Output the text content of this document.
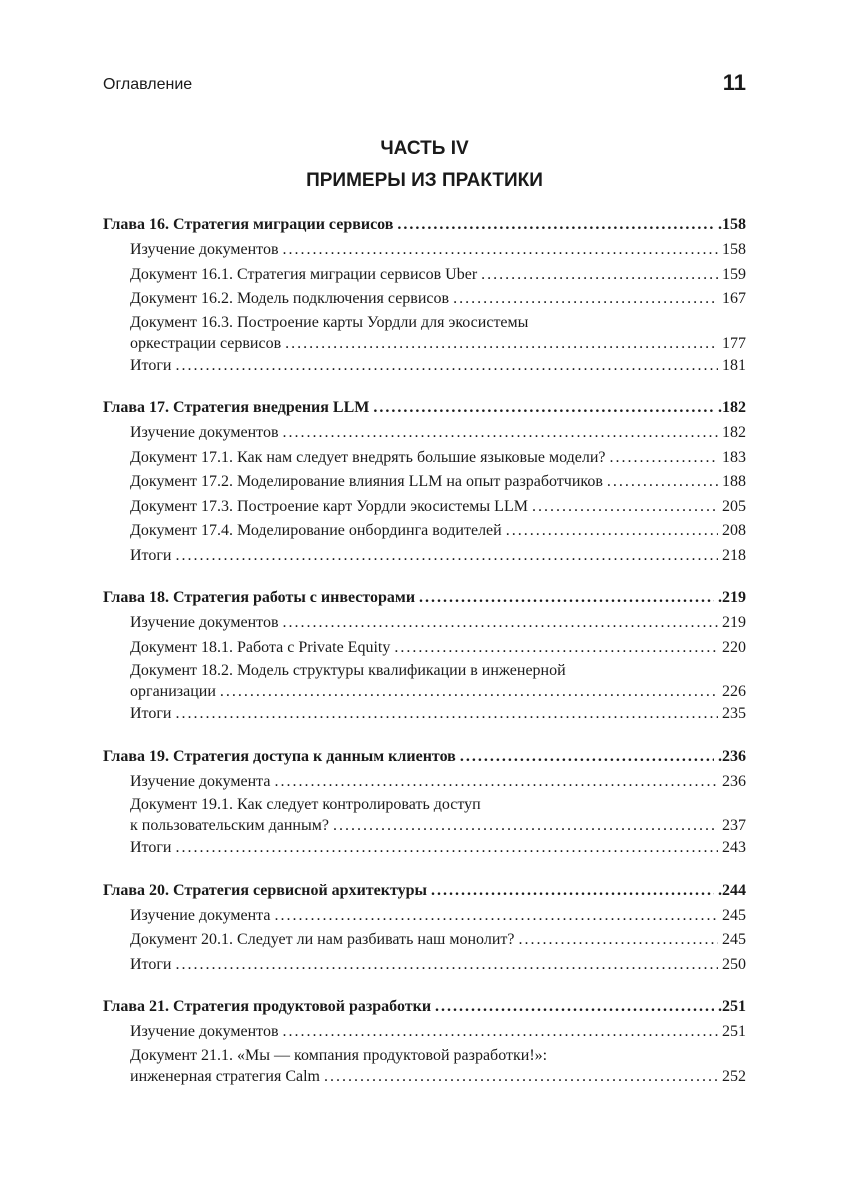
Оглавление	11
ЧАСТЬ IV
ПРИМЕРЫ ИЗ ПРАКТИКИ
Глава 16. Стратегия миграции сервисов . . .	.158
Изучение документов . . .	158
Документ 16.1. Стратегия миграции сервисов Uber . . .	159
Документ 16.2. Модель подключения сервисов . . .	167
Документ 16.3. Построение карты Уордли для экосистемы
оркестрации сервисов . . .	177
Итоги . . .	181
Глава 17. Стратегия внедрения LLM . . .	.182
Изучение документов . . .	182
Документ 17.1. Как нам следует внедрять большие языковые модели? . . .	183
Документ 17.2. Моделирование влияния LLM на опыт разработчиков . . .	188
Документ 17.3. Построение карт Уордли экосистемы LLM . . .	205
Документ 17.4. Моделирование онбординга водителей . . .	208
Итоги . . .	218
Глава 18. Стратегия работы с инвесторами . . .	.219
Изучение документов . . .	219
Документ 18.1. Работа с Private Equity . . .	220
Документ 18.2. Модель структуры квалификации в инженерной
организации . . .	226
Итоги . . .	235
Глава 19. Стратегия доступа к данным клиентов . . .	.236
Изучение документа . . .	236
Документ 19.1. Как следует контролировать доступ
к пользовательским данным? . . .	237
Итоги . . .	243
Глава 20. Стратегия сервисной архитектуры . . .	.244
Изучение документа . . .	245
Документ 20.1. Следует ли нам разбивать наш монолит? . . .	245
Итоги . . .	250
Глава 21. Стратегия продуктовой разработки . . .	.251
Изучение документов . . .	251
Документ 21.1. «Мы — компания продуктовой разработки!»:
инженерная стратегия Calm . . .	252
